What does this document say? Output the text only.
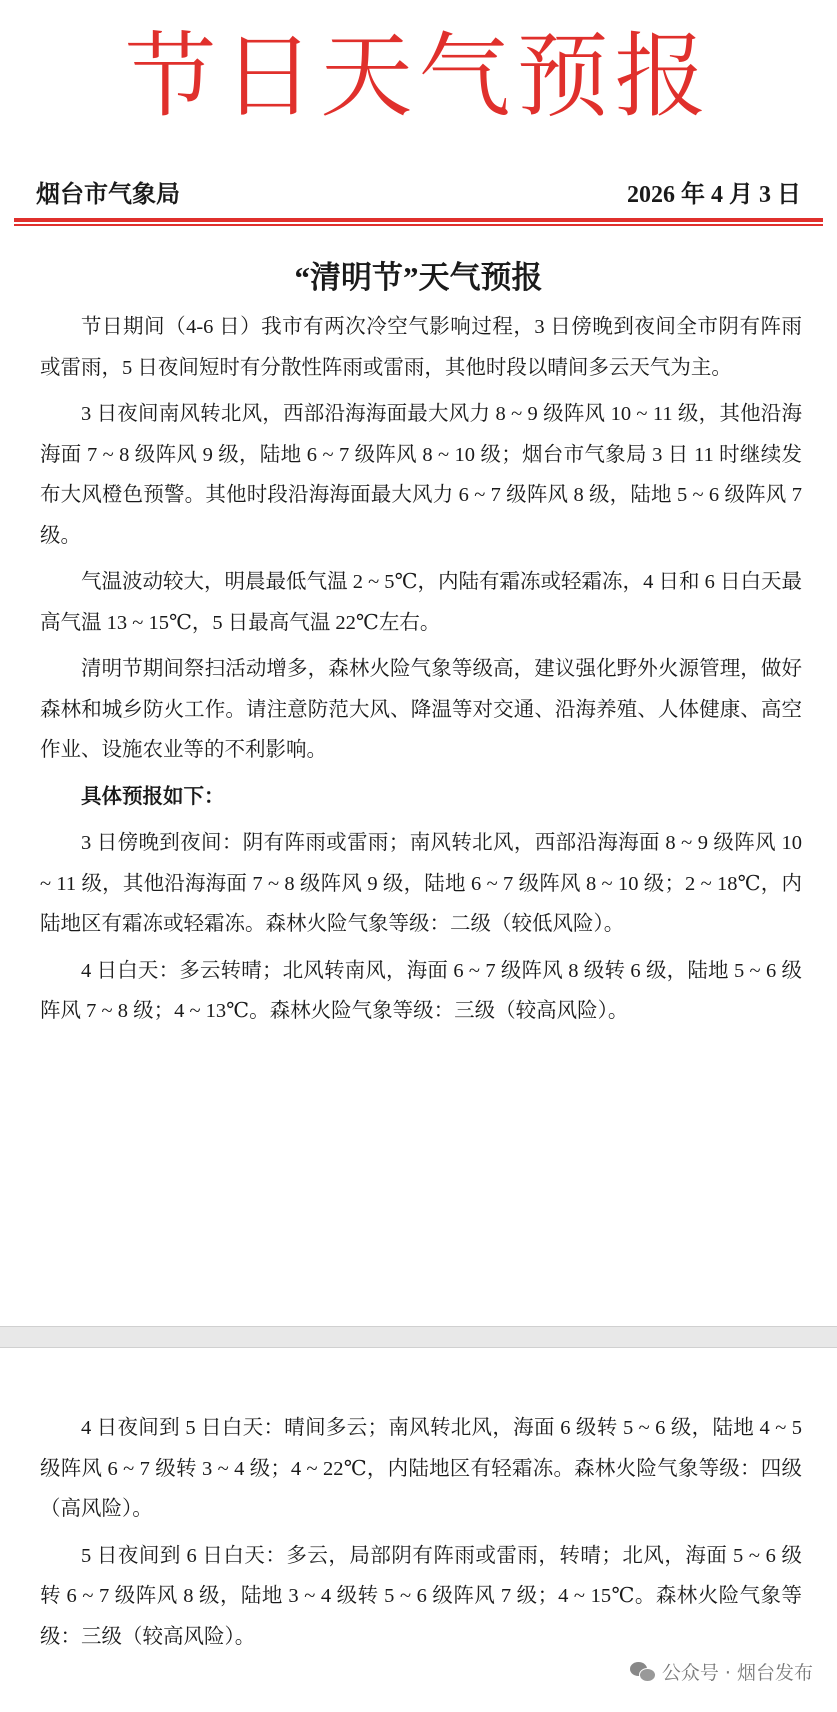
节日天气预报
烟台市气象局	2026 年 4 月 3 日
“清明节”天气预报

节日期间（4-6 日）我市有两次冷空气影响过程，3 日傍晚到夜间全市阴有阵雨或雷雨，5 日夜间短时有分散性阵雨或雷雨，其他时段以晴间多云天气为主。

3 日夜间南风转北风，西部沿海海面最大风力 8 ~ 9 级阵风 10 ~ 11 级，其他沿海海面 7 ~ 8 级阵风 9 级，陆地 6 ~ 7 级阵风 8 ~ 10 级；烟台市气象局 3 日 11 时继续发布大风橙色预警。其他时段沿海海面最大风力 6 ~ 7 级阵风 8 级，陆地 5 ~ 6 级阵风 7 级。

气温波动较大，明晨最低气温 2 ~ 5℃，内陆有霜冻或轻霜冻，4 日和 6 日白天最高气温 13 ~ 15℃，5 日最高气温 22℃左右。

清明节期间祭扫活动增多，森林火险气象等级高，建议强化野外火源管理，做好森林和城乡防火工作。请注意防范大风、降温等对交通、沿海养殖、人体健康、高空作业、设施农业等的不利影响。

具体预报如下：

3 日傍晚到夜间：阴有阵雨或雷雨；南风转北风，西部沿海海面 8 ~ 9 级阵风 10 ~ 11 级，其他沿海海面 7 ~ 8 级阵风 9 级，陆地 6 ~ 7 级阵风 8 ~ 10 级；2 ~ 18℃，内陆地区有霜冻或轻霜冻。森林火险气象等级：二级（较低风险）。

4 日白天：多云转晴；北风转南风，海面 6 ~ 7 级阵风 8 级转 6 级，陆地 5 ~ 6 级阵风 7 ~ 8 级；4 ~ 13℃。森林火险气象等级：三级（较高风险）。

4 日夜间到 5 日白天：晴间多云；南风转北风，海面 6 级转 5 ~ 6 级，陆地 4 ~ 5 级阵风 6 ~ 7 级转 3 ~ 4 级；4 ~ 22℃，内陆地区有轻霜冻。森林火险气象等级：四级（高风险）。

5 日夜间到 6 日白天：多云，局部阴有阵雨或雷雨，转晴；北风，海面 5 ~ 6 级转 6 ~ 7 级阵风 8 级，陆地 3 ~ 4 级转 5 ~ 6 级阵风 7 级；4 ~ 15℃。森林火险气象等级：三级（较高风险）。

公众号 · 烟台发布
